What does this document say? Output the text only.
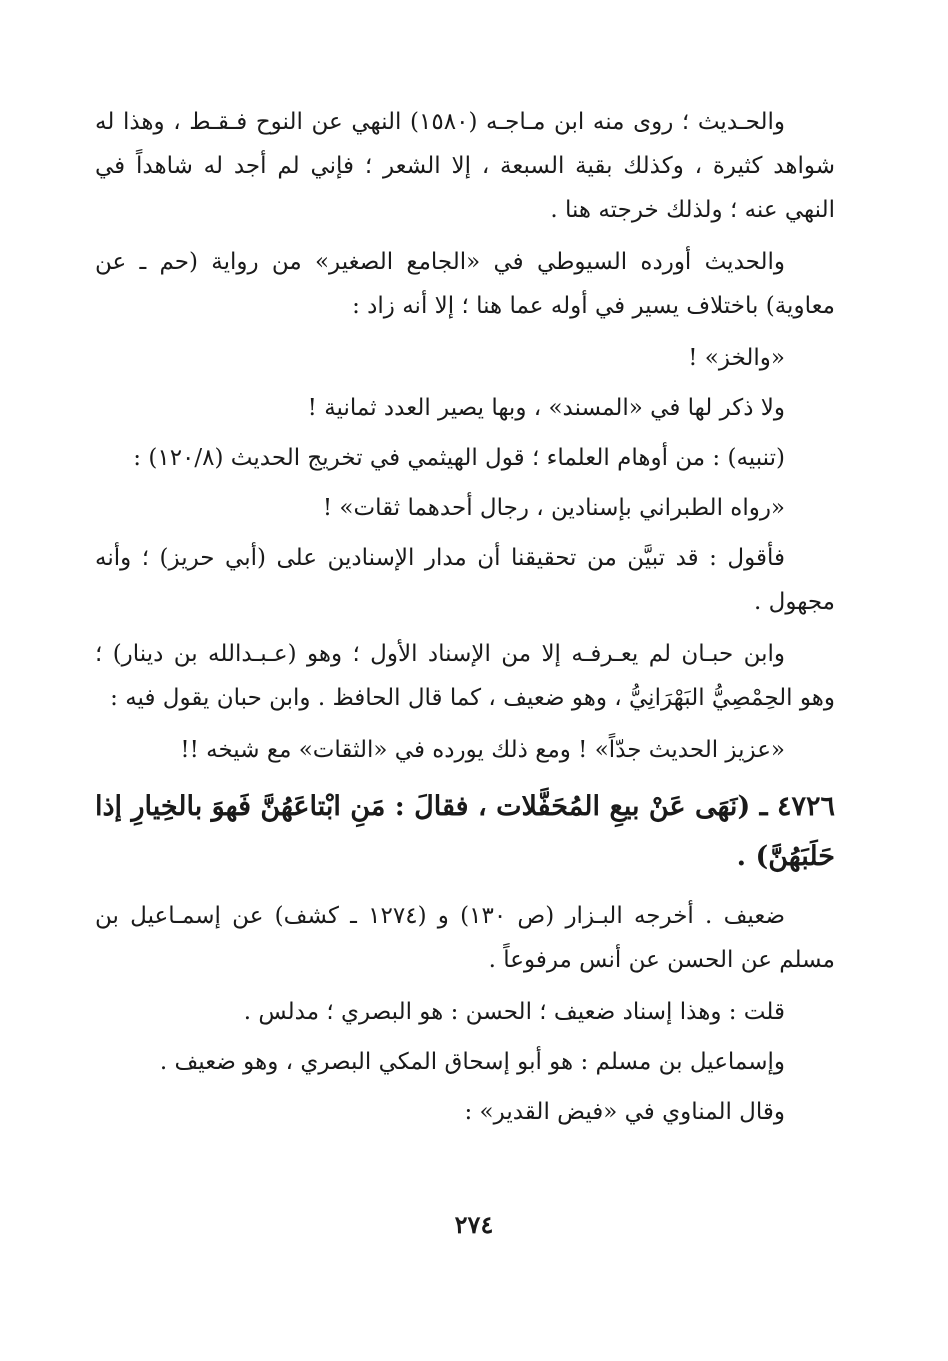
والحـديث ؛ روى منه ابن مـاجـه (١٥٨٠) النهي عن النوح فـقـط ، وهذا له شواهد كثيرة ، وكذلك بقية السبعة ، إلا الشعر ؛ فإني لم أجد له شاهداً في النهي عنه ؛ ولذلك خرجته هنا .

والحديث أورده السيوطي في «الجامع الصغير» من رواية (حم ـ عن معاوية) باختلاف يسير في أوله عما هنا ؛ إلا أنه زاد :

«والخز» !

ولا ذكر لها في «المسند» ، وبها يصير العدد ثمانية !

(تنبيه) : من أوهام العلماء ؛ قول الهيثمي في تخريج الحديث (١٢٠/٨) :

«رواه الطبراني بإسنادين ، رجال أحدهما ثقات» !

فأقول : قد تبيَّن من تحقيقنا أن مدار الإسنادين على (أبي حريز) ؛ وأنه مجهول .

وابن حبـان لم يعـرفـه إلا من الإسناد الأول ؛ وهو (عـبـدالله بن دينار) ؛ وهو الحِمْصِيُّ البَهْرَانِيُّ ، وهو ضعيف ، كما قال الحافظ . وابن حبان يقول فيه :

«عزيز الحديث جدّاً» ! ومع ذلك يورده في «الثقات» مع شيخه !!

٤٧٢٦ ـ (نَهَى عَنْ بيعِ المُحَفَّلات ، فقالَ : مَنِ ابْتاعَهُنَّ فَهوَ بالخِيارِ إذا حَلَبَهُنَّ) .

ضعيف . أخرجه البـزار (ص ١٣٠) و (١٢٧٤ ـ كشف) عن إسمـاعيل بن مسلم عن الحسن عن أنس مرفوعاً .

قلت : وهذا إسناد ضعيف ؛ الحسن : هو البصري ؛ مدلس .

وإسماعيل بن مسلم : هو أبو إسحاق المكي البصري ، وهو ضعيف .

وقال المناوي في «فيض القدير» :

٢٧٤
